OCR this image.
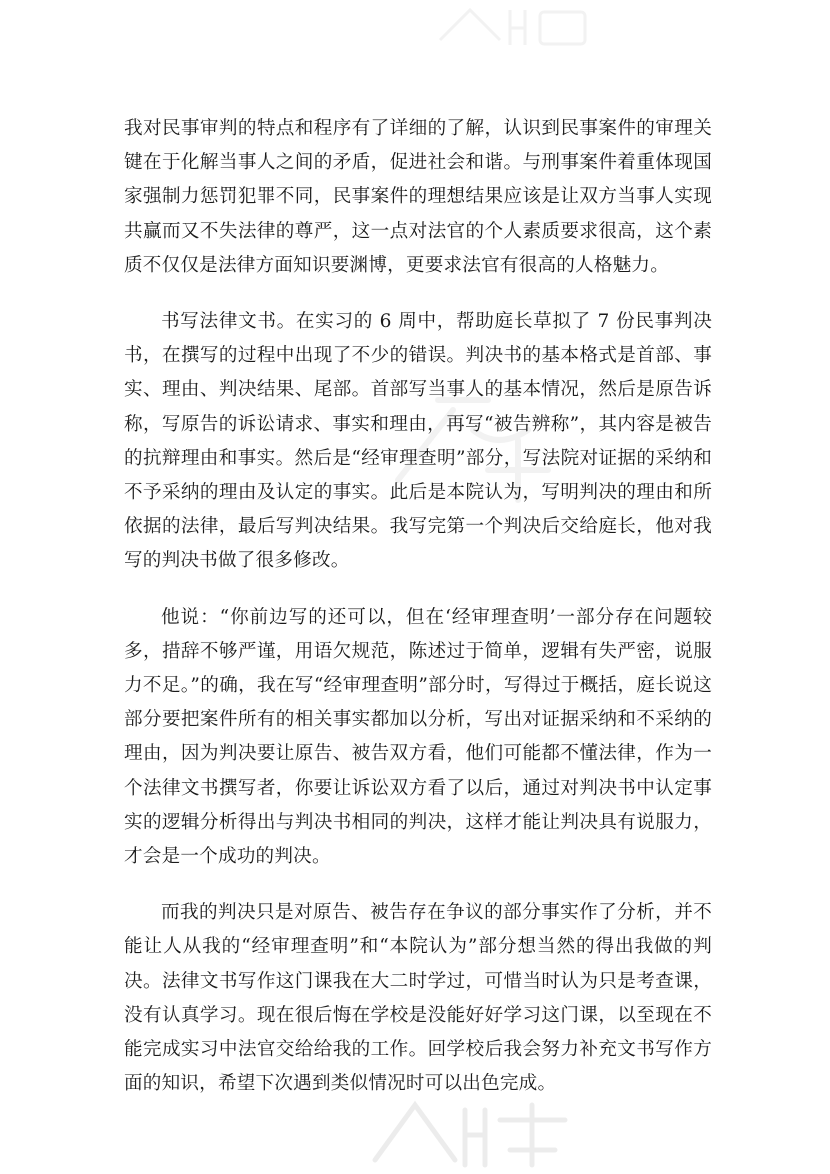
我对民事审判的特点和程序有了详细的了解，认识到民事案件的审理关键在于化解当事人之间的矛盾，促进社会和谐。与刑事案件着重体现国家强制力惩罚犯罪不同，民事案件的理想结果应该是让双方当事人实现共赢而又不失法律的尊严，这一点对法官的个人素质要求很高，这个素质不仅仅是法律方面知识要渊博，更要求法官有很高的人格魅力。

书写法律文书。在实习的 6 周中，帮助庭长草拟了 7 份民事判决书，在撰写的过程中出现了不少的错误。判决书的基本格式是首部、事实、理由、判决结果、尾部。首部写当事人的基本情况，然后是原告诉称，写原告的诉讼请求、事实和理由，再写“被告辨称”，其内容是被告的抗辩理由和事实。然后是“经审理查明”部分，写法院对证据的采纳和不予采纳的理由及认定的事实。此后是本院认为，写明判决的理由和所依据的法律，最后写判决结果。我写完第一个判决后交给庭长，他对我写的判决书做了很多修改。

他说：“你前边写的还可以，但在‘经审理查明’一部分存在问题较多，措辞不够严谨，用语欠规范，陈述过于简单，逻辑有失严密，说服力不足。”的确，我在写“经审理查明”部分时，写得过于概括，庭长说这部分要把案件所有的相关事实都加以分析，写出对证据采纳和不采纳的理由，因为判决要让原告、被告双方看，他们可能都不懂法律，作为一个法律文书撰写者，你要让诉讼双方看了以后，通过对判决书中认定事实的逻辑分析得出与判决书相同的判决，这样才能让判决具有说服力，才会是一个成功的判决。

而我的判决只是对原告、被告存在争议的部分事实作了分析，并不能让人从我的“经审理查明”和“本院认为”部分想当然的得出我做的判决。法律文书写作这门课我在大二时学过，可惜当时认为只是考查课，没有认真学习。现在很后悔在学校是没能好好学习这门课，以至现在不能完成实习中法官交给给我的工作。回学校后我会努力补充文书写作方面的知识，希望下次遇到类似情况时可以出色完成。
